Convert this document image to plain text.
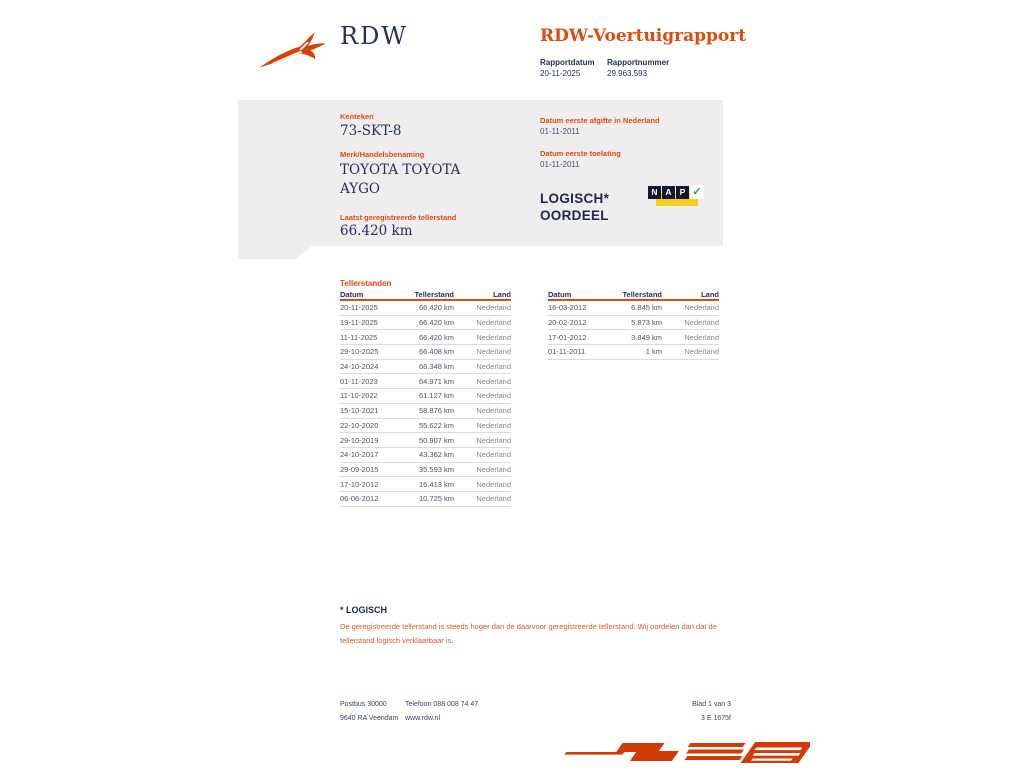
RDW	RDW-Voertuigrapport
Rapportdatum Rapportnummer
20-11-2025	29.963.593
Kenteken
73-SKT-8
Merk/Handelsbenaming
TOYOTA TOYOTA AYGO
Laatst geregistreerde tellerstand
66.420 km
Datum eerste afgifte in Nederland
01-11-2011
Datum eerste toelating
01-11-2011
LOGISCH*
OORDEEL
N A P ✓
Tellerstanden
Datum	Tellerstand	Land
20-11-2025	66.420 km	Nederland
19-11-2025	66.420 km	Nederland
11-11-2025	66.420 km	Nederland
29-10-2025	66.408 km	Nederland
24-10-2024	66.348 km	Nederland
01-11-2023	64.971 km	Nederland
11-10-2022	61.127 km	Nederland
15-10-2021	58.876 km	Nederland
22-10-2020	55.622 km	Nederland
29-10-2019	50.907 km	Nederland
24-10-2017	43.362 km	Nederland
29-09-2015	35.593 km	Nederland
17-10-2012	16.413 km	Nederland
06-06-2012	10.725 km	Nederland
Datum	Tellerstand	Land
16-03-2012	6.845 km	Nederland
20-02-2012	5.873 km	Nederland
17-01-2012	3.849 km	Nederland
01-11-2011	1 km	Nederland
* LOGISCH
De geregistreerde tellerstand is steeds hoger dan de daarvoor geregistreerde tellerstand. Wij oordelen dan dat de tellerstand logisch verklaarbaar is.
Postbus 30000
9640 RA Veendam
Telefoon 088 008 74 47
www.rdw.nl
Blad 1 van 3
3 E 1675f
